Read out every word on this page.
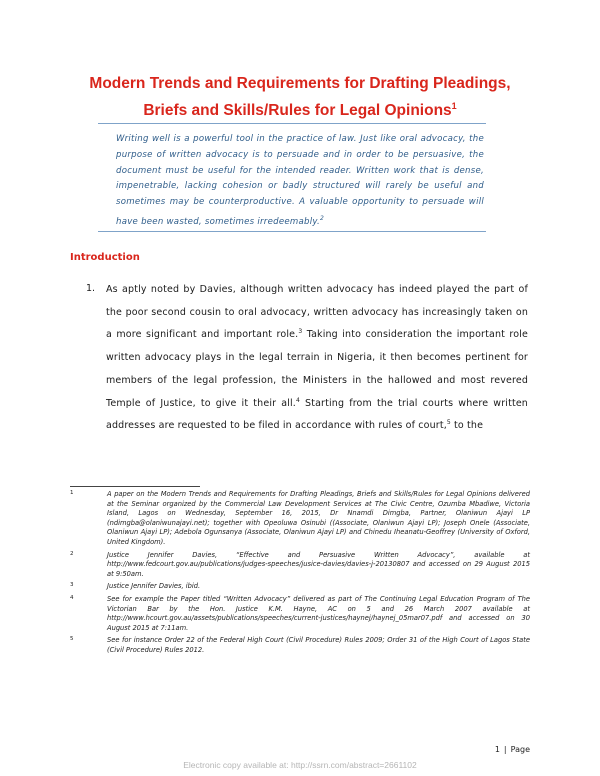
Modern Trends and Requirements for Drafting Pleadings,
Briefs and Skills/Rules for Legal Opinions$^1$
Writing well is a powerful tool in the practice of law. Just like oral advocacy, the purpose of written advocacy is to persuade and in order to be persuasive, the document must be useful for the intended reader. Written work that is dense, impenetrable, lacking cohesion or badly structured will rarely be useful and sometimes may be counterproductive. A valuable opportunity to persuade will have been wasted, sometimes irredeemably.$^2$
Introduction
1. As aptly noted by Davies, although written advocacy has indeed played the part of the poor second cousin to oral advocacy, written advocacy has increasingly taken on a more significant and important role.$^3$ Taking into consideration the important role written advocacy plays in the legal terrain in Nigeria, it then becomes pertinent for members of the legal profession, the Ministers in the hallowed and most revered Temple of Justice, to give it their all.$^4$ Starting from the trial courts where written addresses are requested to be filed in accordance with rules of court,$^5$ to the
1	A paper on the Modern Trends and Requirements for Drafting Pleadings, Briefs and Skills/Rules for Legal Opinions delivered at the Seminar organized by the Commercial Law Development Services at The Civic Centre, Ozumba Mbadiwe, Victoria Island, Lagos on Wednesday, September 16, 2015, Dr Nnamdi Dimgba, Partner, Olaniwun Ajayi LP (ndimgba@olaniwunajayi.net); together with Opeoluwa Osinubi ((Associate, Olaniwun Ajayi LP); Joseph Onele (Associate, Olaniwun Ajayi LP); Adebola Ogunsanya (Associate, Olaniwun Ajayi LP) and Chinedu Iheanatu-Geoffrey (University of Oxford, United Kingdom).
2	Justice Jennifer Davies, “Effective and Persuasive Written Advocacy”, available at http://www.fedcourt.gov.au/publications/judges-speeches/jusice-davies/davies-j-20130807 and accessed on 29 August 2015 at 9:50am.
3	Justice Jennifer Davies, ibid.
4	See for example the Paper titled “Written Advocacy” delivered as part of The Continuing Legal Education Program of The Victorian Bar by the Hon. Justice K.M. Hayne, AC on 5 and 26 March 2007 available at http://www.hcourt.gov.au/assets/publications/speeches/current-justices/haynej/haynej_05mar07.pdf and accessed on 30 August 2015 at 7:11am.
5	See for instance Order 22 of the Federal High Court (Civil Procedure) Rules 2009; Order 31 of the High Court of Lagos State (Civil Procedure) Rules 2012.
1 | Page
Electronic copy available at: http://ssrn.com/abstract=2661102
